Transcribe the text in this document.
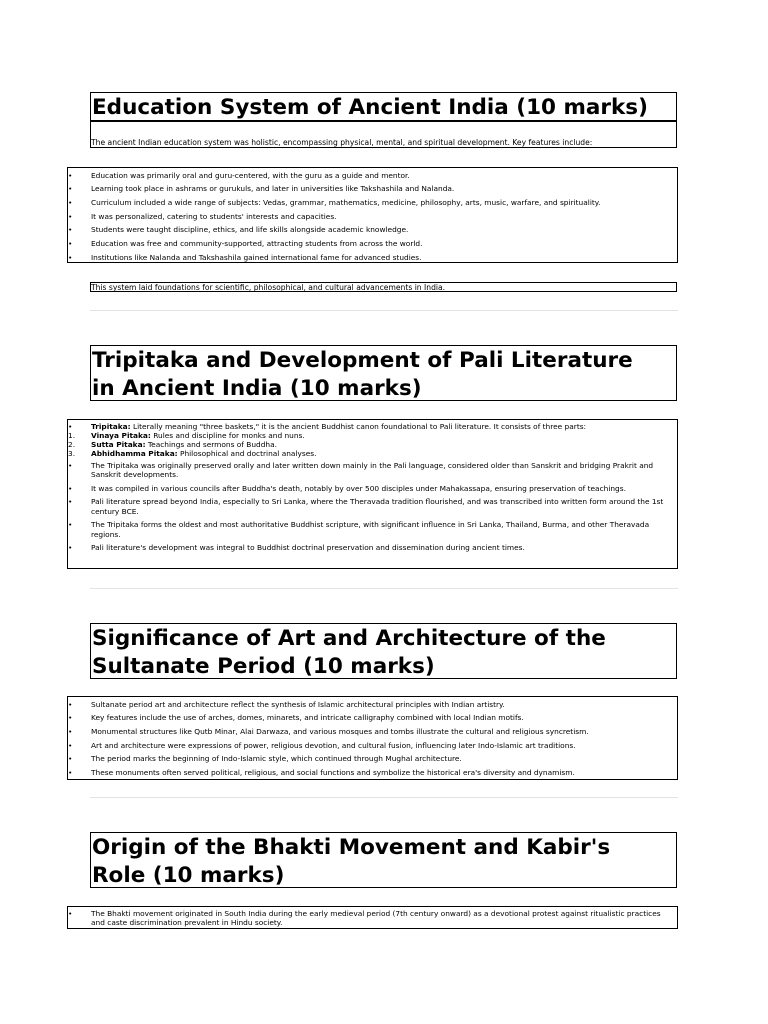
Education System of Ancient India (10 marks)
The ancient Indian education system was holistic, encompassing physical, mental, and spiritual development. Key features include:
•	Education was primarily oral and guru-centered, with the guru as a guide and mentor.
•	Learning took place in ashrams or gurukuls, and later in universities like Takshashila and Nalanda.
•	Curriculum included a wide range of subjects: Vedas, grammar, mathematics, medicine, philosophy, arts, music, warfare, and spirituality.
•	It was personalized, catering to students' interests and capacities.
•	Students were taught discipline, ethics, and life skills alongside academic knowledge.
•	Education was free and community-supported, attracting students from across the world.
•	Institutions like Nalanda and Takshashila gained international fame for advanced studies.
This system laid foundations for scientific, philosophical, and cultural advancements in India.
Tripitaka and Development of Pali Literature
in Ancient India (10 marks)
•	Tripitaka: Literally meaning "three baskets," it is the ancient Buddhist canon foundational to Pali literature. It consists of three parts:
1.	Vinaya Pitaka: Rules and discipline for monks and nuns.
2.	Sutta Pitaka: Teachings and sermons of Buddha.
3.	Abhidhamma Pitaka: Philosophical and doctrinal analyses.
•	The Tripitaka was originally preserved orally and later written down mainly in the Pali language, considered older than Sanskrit and bridging Prakrit and Sanskrit developments.
•	It was compiled in various councils after Buddha's death, notably by over 500 disciples under Mahakassapa, ensuring preservation of teachings.
•	Pali literature spread beyond India, especially to Sri Lanka, where the Theravada tradition flourished, and was transcribed into written form around the 1st century BCE.
•	The Tripitaka forms the oldest and most authoritative Buddhist scripture, with significant influence in Sri Lanka, Thailand, Burma, and other Theravada regions.
•	Pali literature's development was integral to Buddhist doctrinal preservation and dissemination during ancient times.
Significance of Art and Architecture of the
Sultanate Period (10 marks)
•	Sultanate period art and architecture reflect the synthesis of Islamic architectural principles with Indian artistry.
•	Key features include the use of arches, domes, minarets, and intricate calligraphy combined with local Indian motifs.
•	Monumental structures like Qutb Minar, Alai Darwaza, and various mosques and tombs illustrate the cultural and religious syncretism.
•	Art and architecture were expressions of power, religious devotion, and cultural fusion, influencing later Indo-Islamic art traditions.
•	The period marks the beginning of Indo-Islamic style, which continued through Mughal architecture.
•	These monuments often served political, religious, and social functions and symbolize the historical era's diversity and dynamism.
Origin of the Bhakti Movement and Kabir's
Role (10 marks)
•	The Bhakti movement originated in South India during the early medieval period (7th century onward) as a devotional protest against ritualistic practices and caste discrimination prevalent in Hindu society.
